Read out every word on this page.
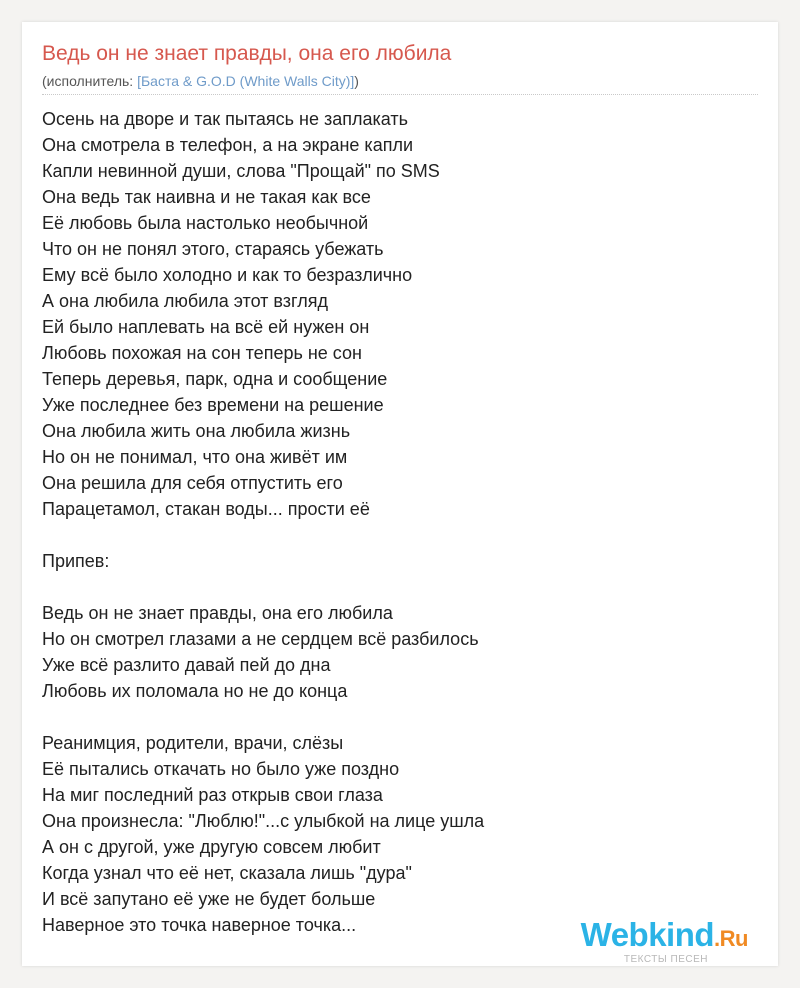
Ведь он не знает правды, она его любила
(исполнитель: [Баста & G.O.D (White Walls City)])
Осень на дворе и так пытаясь не заплакать
Она смотрела в телефон, а на экране капли
Капли невинной души, слова "Прощай" по SMS
Она ведь так наивна и не такая как все
Её любовь была настолько необычной
Что он не понял этого, стараясь убежать
Ему всё было холодно и как то безразлично
А она любила любила этот взгляд
Ей было наплевать на всё ей нужен он
Любовь похожая на сон теперь не сон
Теперь деревья, парк, одна и сообщение
Уже последнее без времени на решение
Она любила жить она любила жизнь
Но он не понимал, что она живёт им
Она решила для себя отпустить его
Парацетамол, стакан воды... прости её
Припев:
Ведь он не знает правды, она его любила
Но он смотрел глазами а не сердцем всё разбилось
Уже всё разлито давай пей до дна
Любовь их поломала но не до конца
Реанимция, родители, врачи, слёзы
Её пытались откачать но было уже поздно
На миг последний раз открыв свои глаза
Она произнесла: "Люблю!"...с улыбкой на лице ушла
А он с другой, уже другую совсем любит
Когда узнал что её нет, сказала лишь "дура"
И всё запутано её уже не будет больше
Наверное это точка наверное точка...	Webkind.Ru
ТЕКСТЫ ПЕСЕН
